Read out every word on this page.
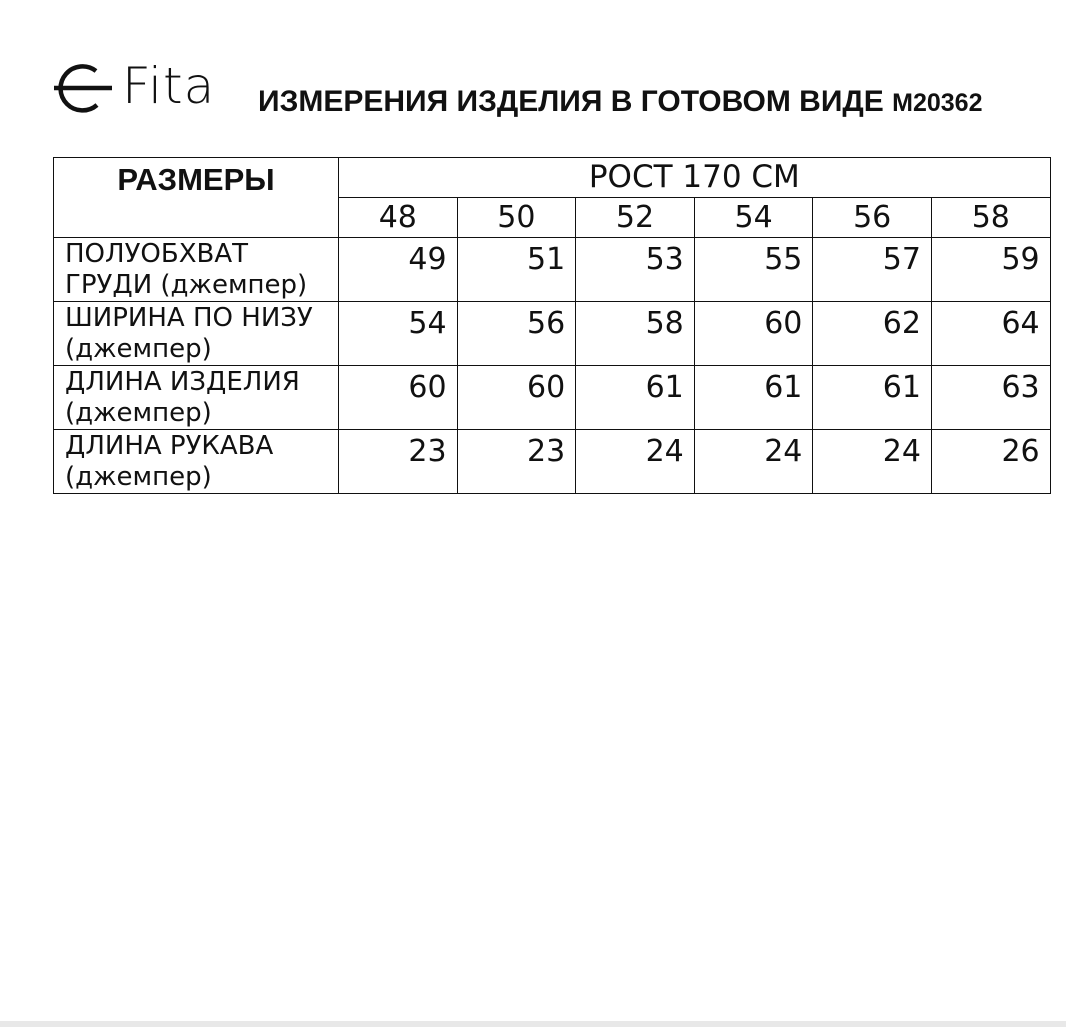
Fita ИЗМЕРЕНИЯ ИЗДЕЛИЯ В ГОТОВОМ ВИДЕ М20362
РАЗМЕРЫ	РОСТ 170 СМ					
	48	50	52	54	56	58

ПОЛУОБХВАТ
ГРУДИ (джемпер)	49	51	53	55	57	59

ШИРИНА ПО НИЗУ
(джемпер)	54	56	58	60	62	64

ДЛИНА ИЗДЕЛИЯ
(джемпер)	60	60	61	61	61	63

ДЛИНА РУКАВА
(джемпер)	23	23	24	24	24	26
